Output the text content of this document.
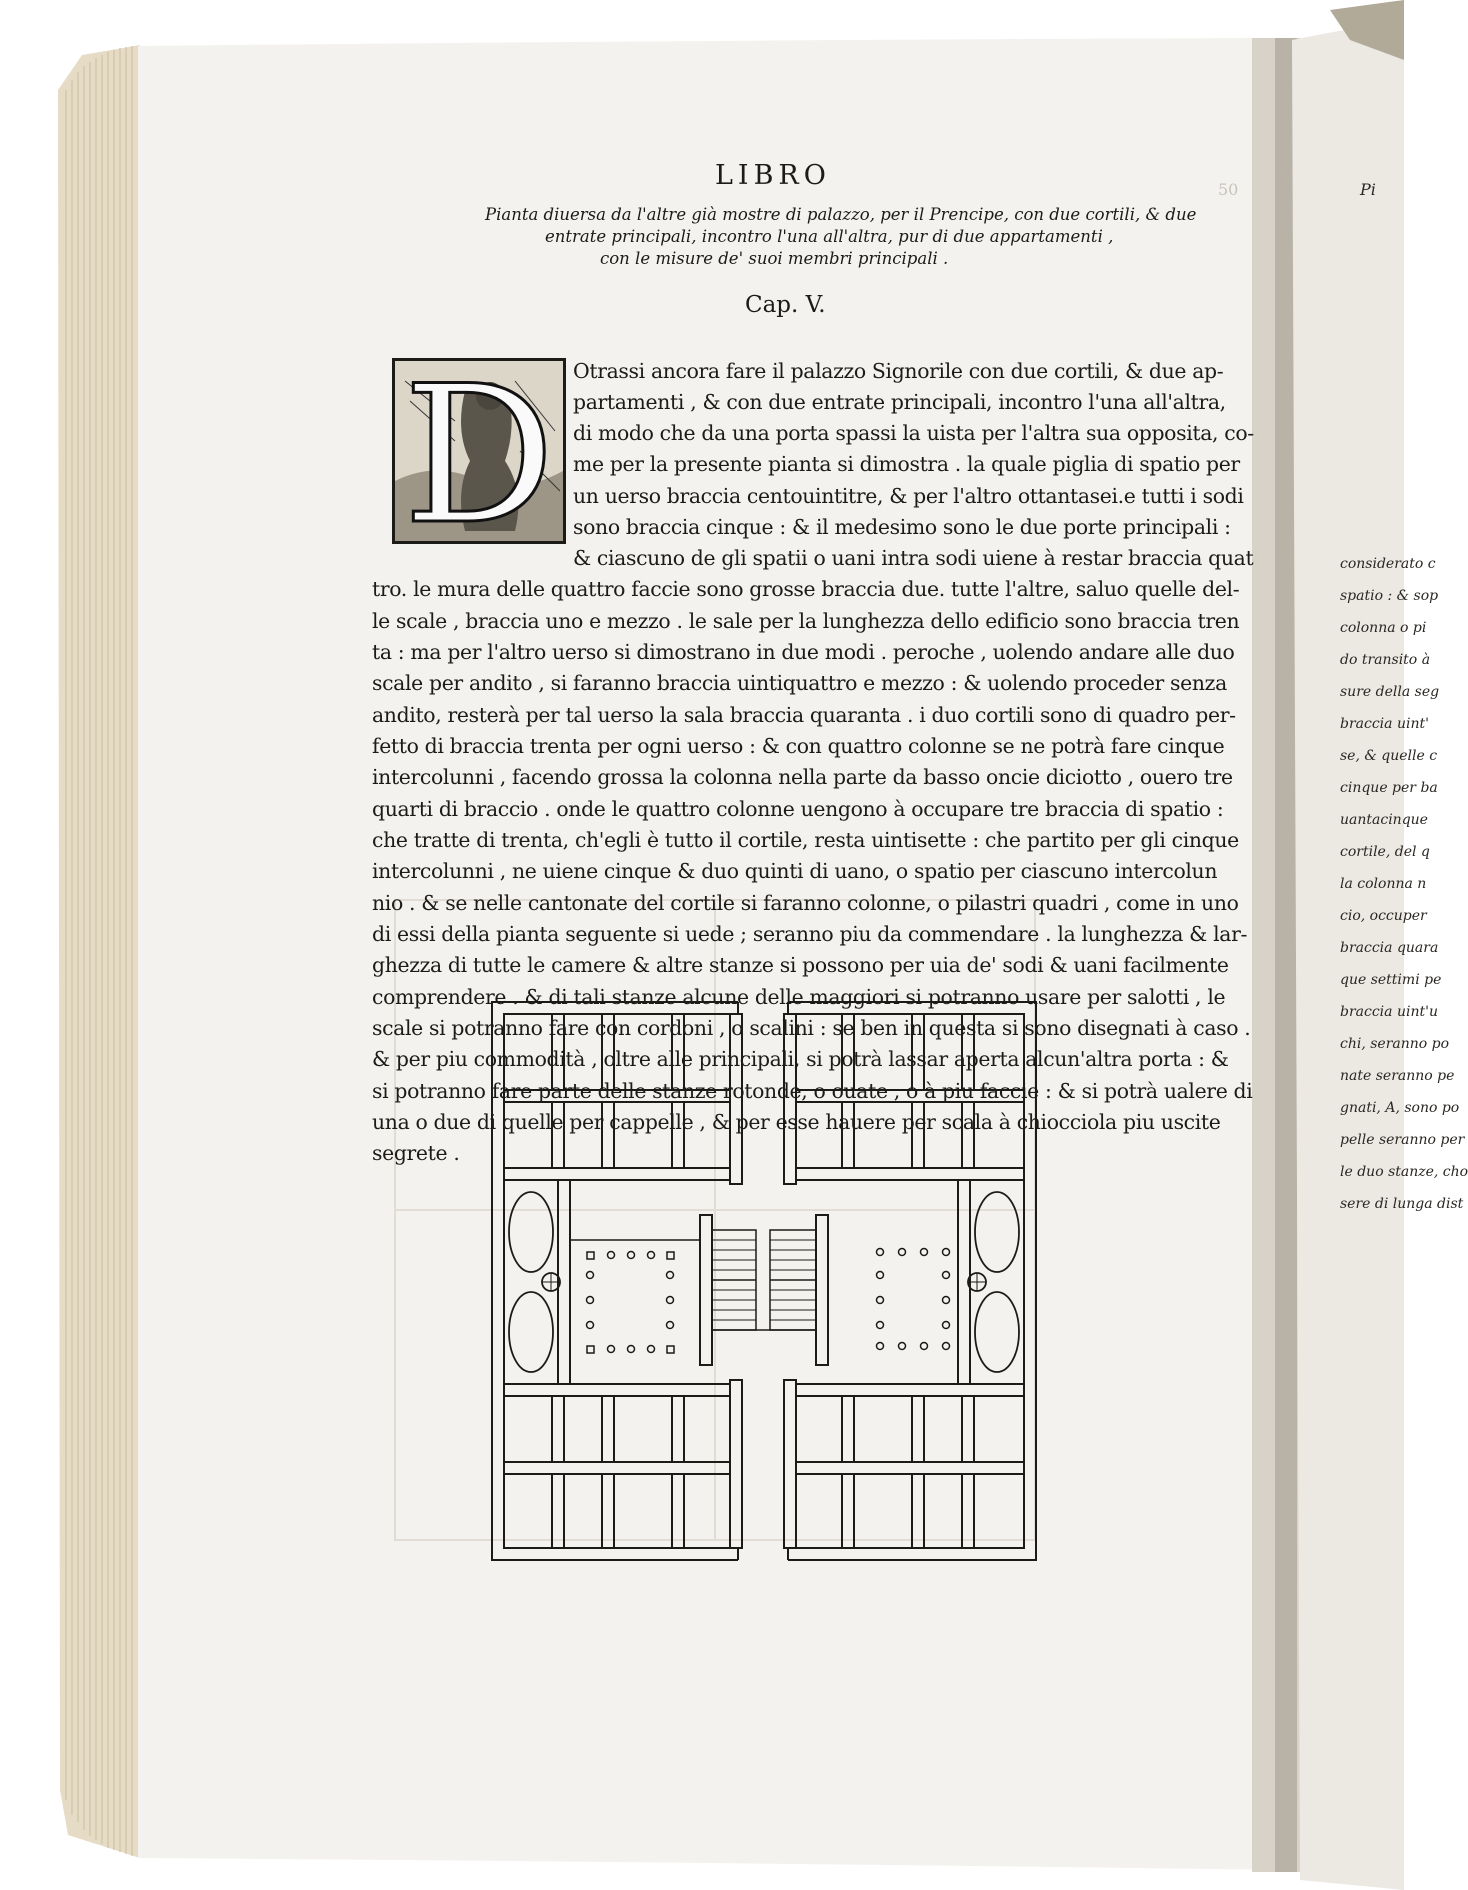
LIBRO
Pianta diuersa da l'altre già mostre di palazzo, per il Prencipe, con due cortili, & due
entrate principali, incontro l'una all'altra, pur di due appartamenti ,
con le misure de' suoi membri principali .
Cap. V.
50
D Otrassi ancora fare il palazzo Signorile con due cortili, & due ap-
partamenti , & con due entrate principali, incontro l'una all'altra,
di modo che da una porta spassi la uista per l'altra sua opposita, co-
me per la presente pianta si dimostra . la quale piglia di spatio per
un uerso braccia centouintitre, & per l'altro ottantasei.e tutti i sodi
sono braccia cinque : & il medesimo sono le due porte principali :
& ciascuno de gli spatii o uani intra sodi uiene à restar braccia quat
tro. le mura delle quattro faccie sono grosse braccia due. tutte l'altre, saluo quelle del-
le scale , braccia uno e mezzo . le sale per la lunghezza dello edificio sono braccia tren
ta : ma per l'altro uerso si dimostrano in due modi . peroche , uolendo andare alle duo
scale per andito , si faranno braccia uintiquattro e mezzo : & uolendo proceder senza
andito, resterà per tal uerso la sala braccia quaranta . i duo cortili sono di quadro per-
fetto di braccia trenta per ogni uerso : & con quattro colonne se ne potrà fare cinque
intercolunni , facendo grossa la colonna nella parte da basso oncie diciotto , ouero tre
quarti di braccio . onde le quattro colonne uengono à occupare tre braccia di spatio :
che tratte di trenta, ch'egli è tutto il cortile, resta uintisette : che partito per gli cinque
intercolunni , ne uiene cinque & duo quinti di uano, o spatio per ciascuno intercolun
nio . & se nelle cantonate del cortile si faranno colonne, o pilastri quadri , come in uno
di essi della pianta seguente si uede ; seranno piu da commendare . la lunghezza & lar-
ghezza di tutte le camere & altre stanze si possono per uia de' sodi & uani facilmente
comprendere . & di tali stanze alcune delle maggiori si potranno usare per salotti , le
scale si potranno fare con cordoni , o scalini : se ben in questa si sono disegnati à caso .
& per piu commodità , oltre alle principali, si potrà lassar aperta alcun'altra porta : &
si potranno fare parte delle stanze rotonde, o ouate , o à piu faccie : & si potrà ualere di
una o due di quelle per cappelle , & per esse hauere per scala à chiocciola piu uscite
segrete .
Pi
considerato c
spatio : & sop
colonna o pi
do transito à
sure della seg
braccia uint'
se, & quelle c
cinque per ba
uantacinque
cortile, del q
la colonna n
cio, occuper
braccia quara
que settimi pe
braccia uint'u
chi, seranno po
nate seranno pe
gnati, A, sono po
pelle seranno per
le duo stanze, cho
sere di lunga dist
